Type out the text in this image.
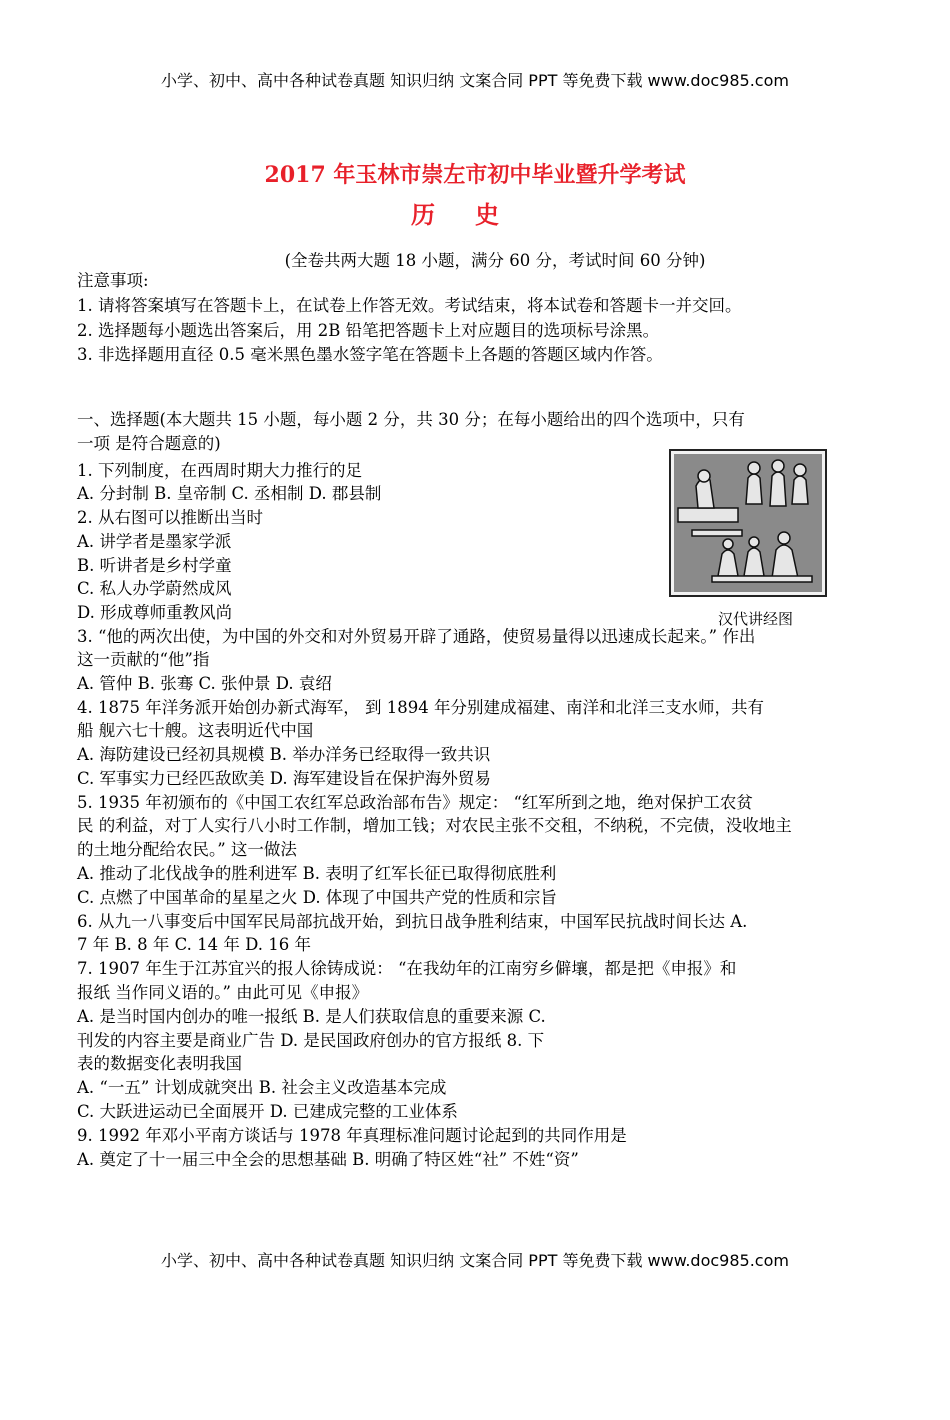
小学、初中、高中各种试卷真题 知识归纳 文案合同 PPT 等免费下载 www.doc985.com
2017 年玉林市崇左市初中毕业暨升学考试
历史
(全卷共两大题 18 小题，满分 60 分，考试时间 60 分钟)
注意事项:
1. 请将答案填写在答题卡上，在试卷上作答无效。考试结束，将本试卷和答题卡一并交回。
2. 选择题每小题选出答案后，用 2B 铅笔把答题卡上对应题目的选项标号涂黑。
3. 非选择题用直径 0.5 毫米黑色墨水签字笔在答题卡上各题的答题区域内作答。
一、选择题(本大题共 15 小题，每小题 2 分，共 30 分；在每小题给出的四个选项中，只有
一项 是符合题意的)
1. 下列制度，在西周时期大力推行的足
A. 分封制 B. 皇帝制 C. 丞相制 D. 郡县制
2. 从右图可以推断出当时
A. 讲学者是墨家学派
B. 听讲者是乡村学童
C. 私人办学蔚然成风
D. 形成尊师重教风尚
3. “他的两次出使，为中国的外交和对外贸易开辟了通路，使贸易量得以迅速成长起来。” 作出
这一贡献的“他”指
A. 管仲 B. 张骞 C. 张仲景 D. 袁绍
4. 1875 年洋务派开始创办新式海军， 到 1894 年分别建成福建、南洋和北洋三支水师，共有
船 舰六七十艘。这表明近代中国
A. 海防建设已经初具规模 B. 举办洋务已经取得一致共识
C. 军事实力已经匹敌欧美 D. 海军建设旨在保护海外贸易
5. 1935 年初颁布的《中国工农红军总政治部布告》规定： “红军所到之地，绝对保护工农贫
民 的利益，对丁人实行八小时工作制，增加工钱；对农民主张不交租，不纳税，不完债，没收地主
的土地分配给农民。” 这一做法
A. 推动了北伐战争的胜利进军 B. 表明了红军长征已取得彻底胜利
C. 点燃了中国革命的星星之火 D. 体现了中国共产党的性质和宗旨
6. 从九一八事变后中国军民局部抗战开始，到抗日战争胜利结束，中国军民抗战时间长达 A.
7 年 B. 8 年 C. 14 年 D. 16 年
7. 1907 年生于江苏宜兴的报人徐铸成说： “在我幼年的江南穷乡僻壤，都是把《申报》和
报纸 当作同义语的。” 由此可见《申报》
A. 是当时国内创办的唯一报纸 B. 是人们获取信息的重要来源 C.
刊发的内容主要是商业广告 D. 是民国政府创办的官方报纸 8. 下
表的数据变化表明我国
A. “一五” 计划成就突出 B. 社会主义改造基本完成
C. 大跃进运动已全面展开 D. 已建成完整的工业体系
9. 1992 年邓小平南方谈话与 1978 年真理标准问题讨论起到的共同作用是
A. 奠定了十一届三中全会的思想基础 B. 明确了特区姓“社” 不姓“资”
汉代讲经图
小学、初中、高中各种试卷真题 知识归纳 文案合同 PPT 等免费下载 www.doc985.com
